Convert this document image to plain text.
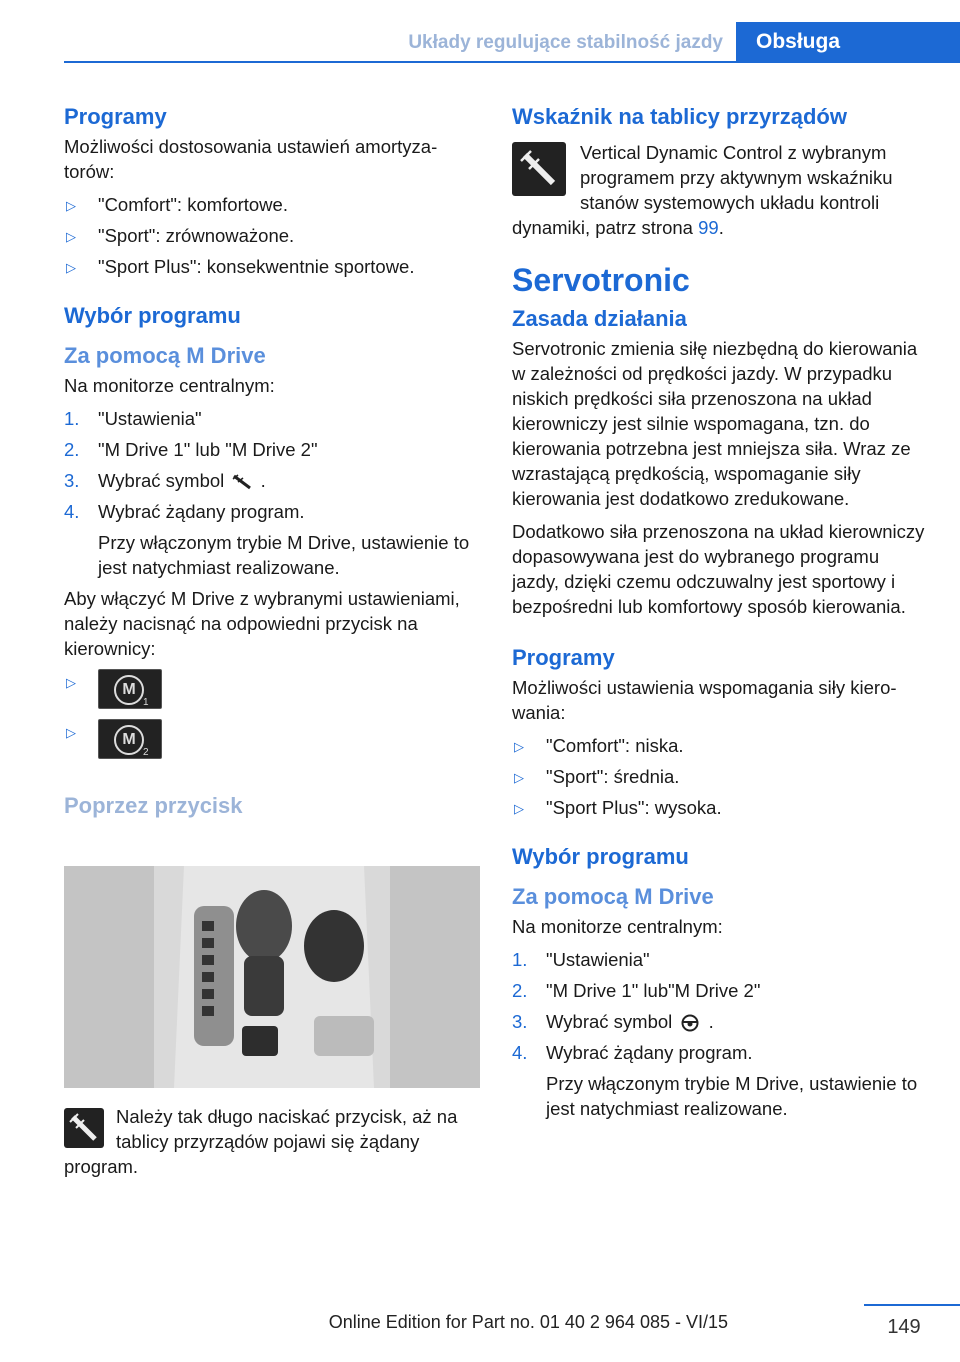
Układy regulujące stabilność jazdy	Obsługa
Programy

Możliwości dostosowania ustawień amortyzatorów:

▷ "Comfort": komfortowe.
▷ "Sport": zrównoważone.
▷ "Sport Plus": konsekwentnie sportowe.
Wybór programu
Za pomocą M Drive

Na monitorze centralnym:

1. "Ustawienia"
2. "M Drive 1" lub "M Drive 2"
3. Wybrać symbol .
4. Wybrać żądany program.
Przy włączonym trybie M Drive, ustawienie to jest natychmiast realizowane.

Aby włączyć M Drive z wybranymi ustawieniami, należy nacisnąć na odpowiedni przycisk na kierownicy:

▷	M
1
▷	M
2
Poprzez przycisk
Należy tak długo naciskać przycisk, aż na tablicy przyrządów pojawi się żądany program.
Wskaźnik na tablicy przyrządów
Vertical Dynamic Control z wybranym programem przy aktywnym wskaźniku stanów systemowych układu kontroli dynamiki, patrz strona 99.
Servotronic
Zasada działania

Servotronic zmienia siłę niezbędną do kierowania w zależności od prędkości jazdy. W przypadku niskich prędkości siła przenoszona na układ kierowniczy jest silnie wspomagana, tzn. do kierowania potrzebna jest mniejsza siła. Wraz ze wzrastającą prędkością, wspomaganie siły kierowania jest dodatkowo zredukowane.

Dodatkowo siła przenoszona na układ kierowniczy dopasowywana jest do wybranego programu jazdy, dzięki czemu odczuwalny jest sportowy i bezpośredni lub komfortowy sposób kierowania.

Programy

Możliwości ustawienia wspomagania siły kierowania:

▷ "Comfort": niska.
▷ "Sport": średnia.
▷ "Sport Plus": wysoka.
Wybór programu
Za pomocą M Drive

Na monitorze centralnym:

1. "Ustawienia"
2. "M Drive 1" lub"M Drive 2"
3. Wybrać symbol .
4. Wybrać żądany program.
Przy włączonym trybie M Drive, ustawienie to jest natychmiast realizowane.
149
Online Edition for Part no. 01 40 2 964 085 - VI/15
